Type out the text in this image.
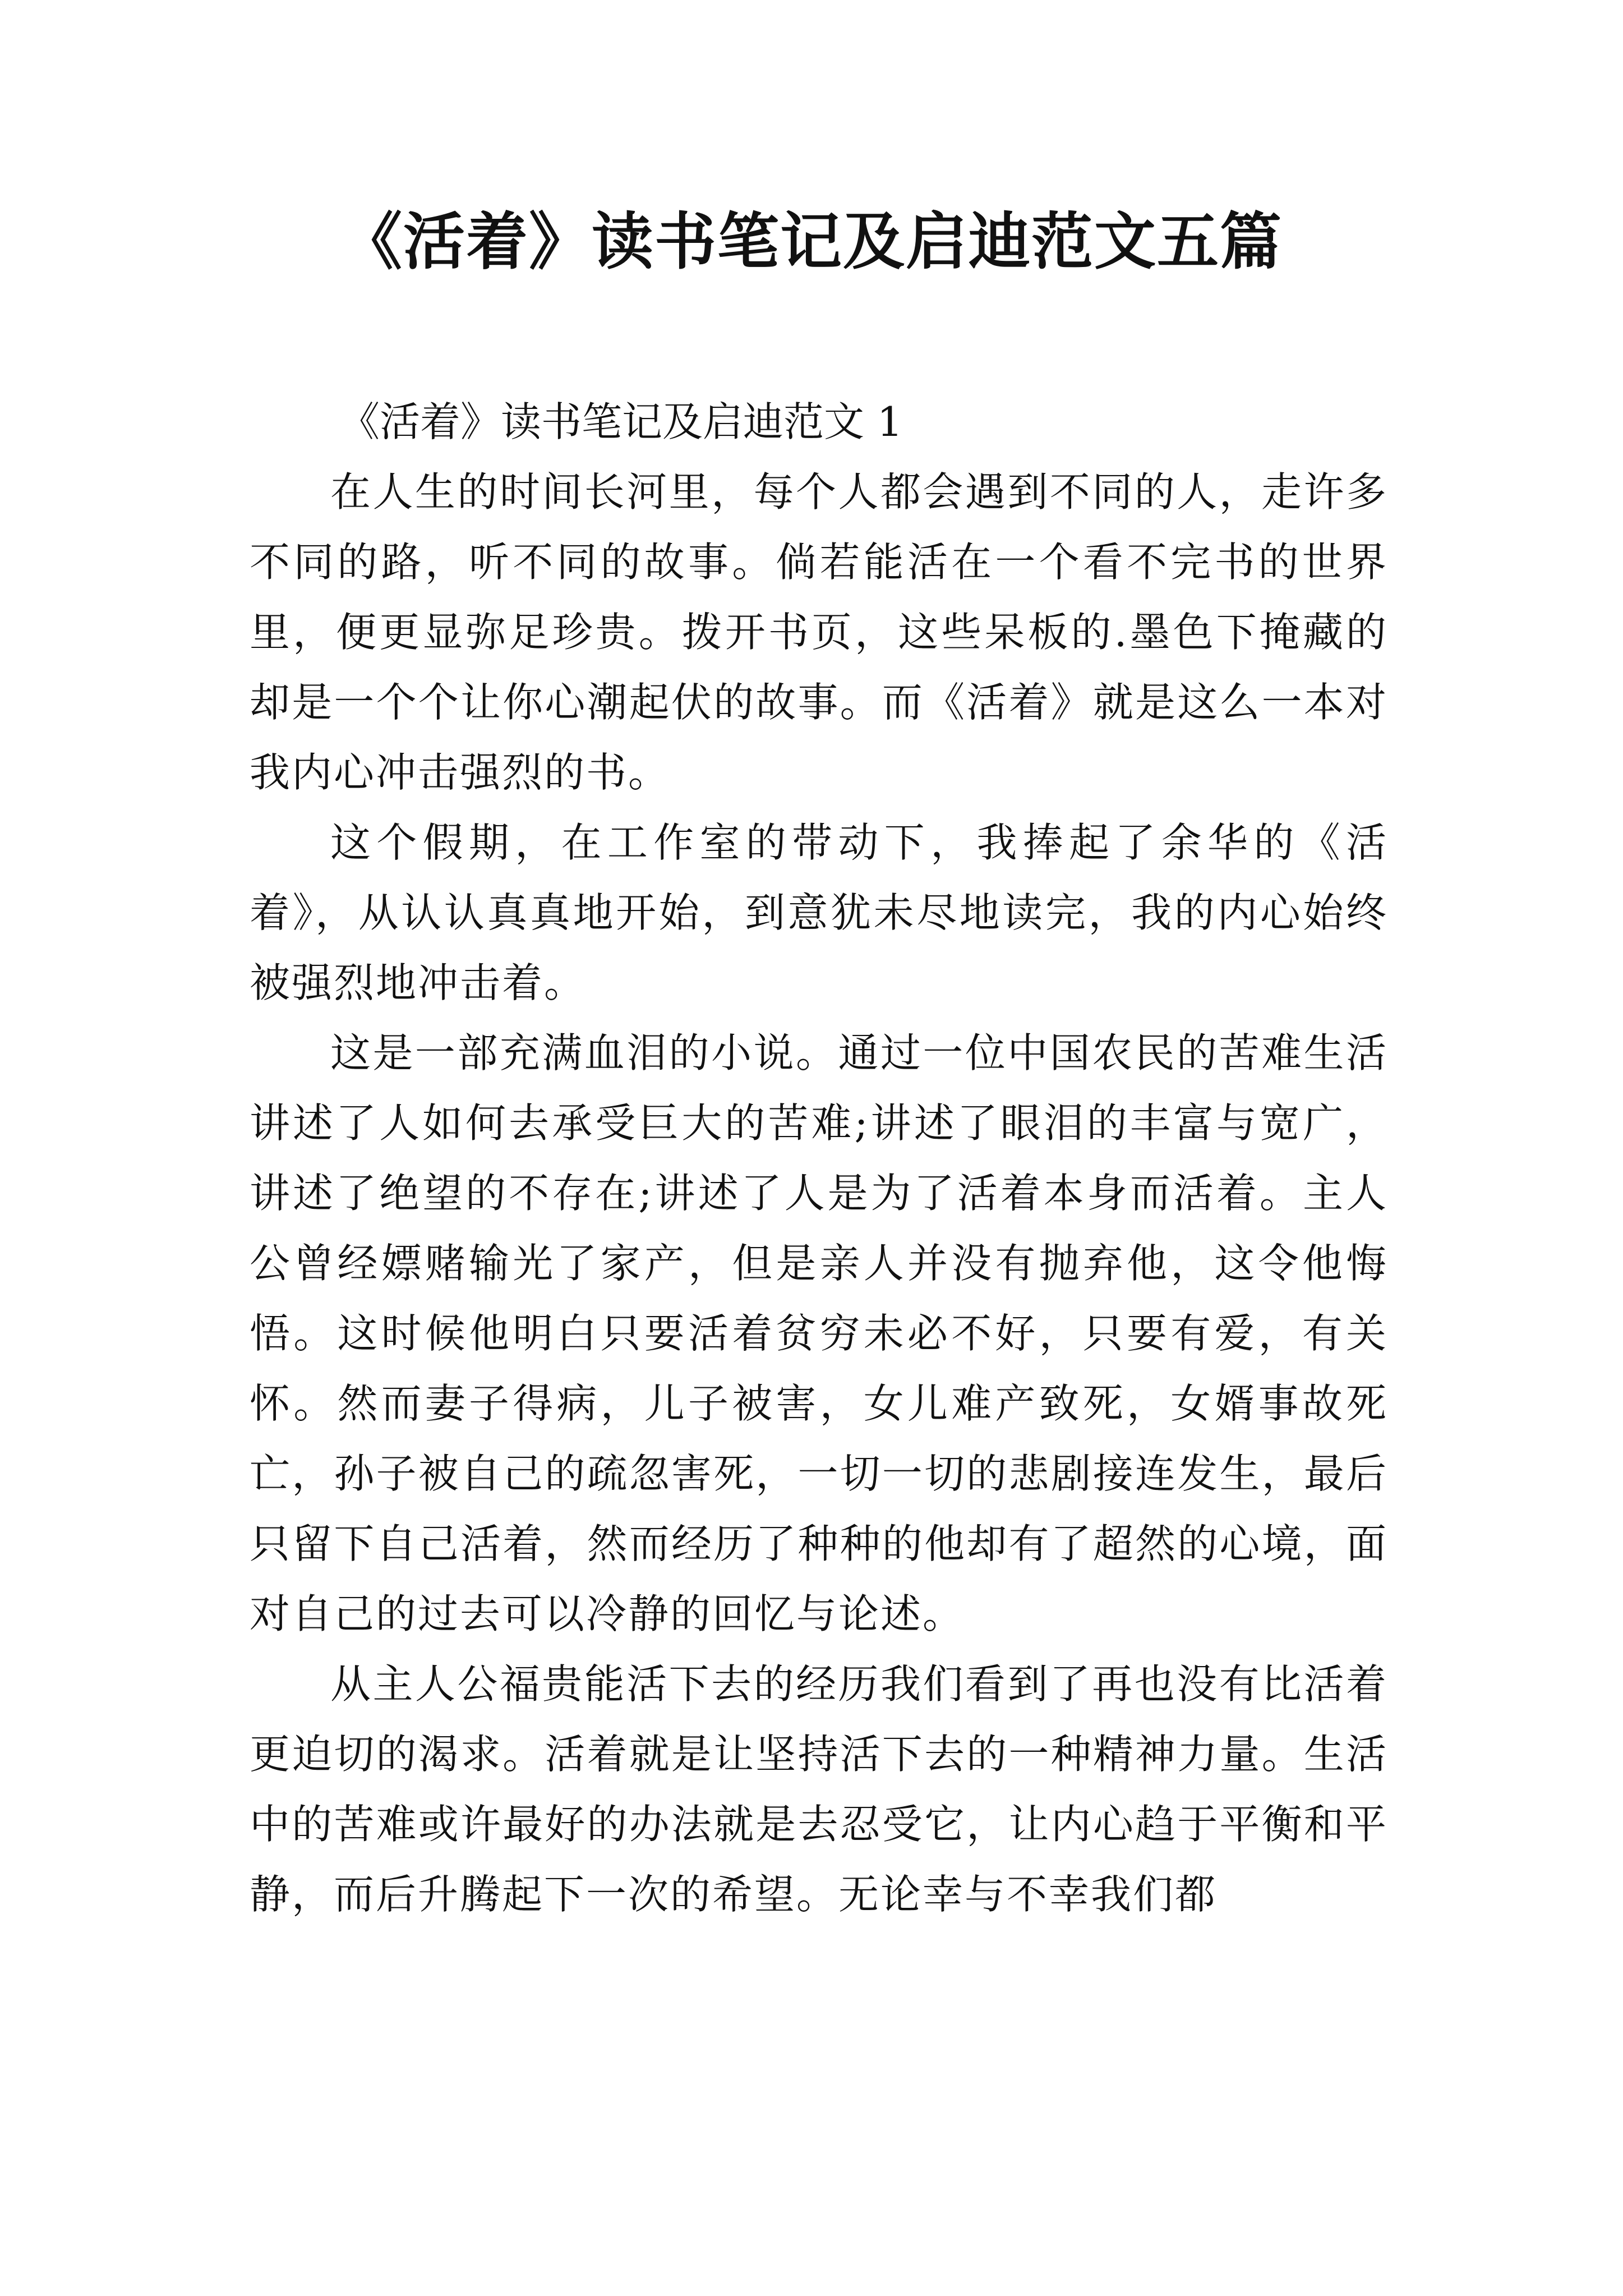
《活着》读书笔记及启迪范文五篇

《活着》读书笔记及启迪范文 1

在人生的时间长河里，每个人都会遇到不同的人，走许多不同的路，听不同的故事。倘若能活在一个看不完书的世界里，便更显弥足珍贵。拨开书页，这些呆板的.墨色下掩藏的却是一个个让你心潮起伏的故事。而《活着》就是这么一本对我内心冲击强烈的书。

这个假期，在工作室的带动下，我捧起了余华的《活着》，从认认真真地开始，到意犹未尽地读完，我的内心始终被强烈地冲击着。

这是一部充满血泪的小说。通过一位中国农民的苦难生活讲述了人如何去承受巨大的苦难;讲述了眼泪的丰富与宽广，讲述了绝望的不存在;讲述了人是为了活着本身而活着。主人公曾经嫖赌输光了家产，但是亲人并没有抛弃他，这令他悔悟。这时候他明白只要活着贫穷未必不好，只要有爱，有关怀。然而妻子得病，儿子被害，女儿难产致死，女婿事故死亡，孙子被自己的疏忽害死，一切一切的悲剧接连发生，最后只留下自己活着，然而经历了种种的他却有了超然的心境，面对自己的过去可以冷静的回忆与论述。

从主人公福贵能活下去的经历我们看到了再也没有比活着更迫切的渴求。活着就是让坚持活下去的一种精神力量。生活中的苦难或许最好的办法就是去忍受它，让内心趋于平衡和平静，而后升腾起下一次的希望。无论幸与不幸我们都
